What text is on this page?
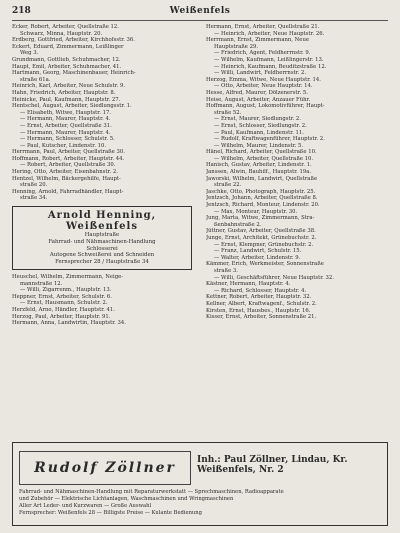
218	Weißenfels
Ecker, Robert, Arbeiter, Quellstraße 12.
Schwarz, Minna, Hauptstr. 20.
Erdberg, Gottfried, Arbeiter, Kirchhofsstr. 36.
Eckert, Eduard, Zimmermann, Leißlinger
Weg 3.
Grundmann, Gottlieb, Schuhmacher, 12.
Haupt, Emil, Arbeiter, Schuhmacher, 41.
Hartmann, Georg, Maschinenbauer, Heinrich-
straße 61a.
Heinrich, Karl, Arbeiter, Neue Schulstr. 9.
Hahn, Friedrich, Arbeiter, Hauptstr. 8.
Heinicke, Paul, Kaufmann, Hauptstr. 27.
Hentschel, August, Arbeiter, Siedlungsstr. 1.
— Elisabeth, Witwe, Hauptstr. 17.
— Hermann, Maurer, Hauptstr. 4.
— Ernst, Arbeiter, Quellstraße 31.
— Hermann, Maurer, Hauptstr. 4.
— Hermann, Schlosser, Schulstr. 5.
— Paul, Kutscher, Lindenstr. 10.
Herrmann, Paul, Arbeiter, Quellstraße 30.
Hoffmann, Robert, Arbeiter, Hauptstr. 44.
— Robert, Arbeiter, Quellstraße 30.
Hering, Otto, Arbeiter, Eisenbahnstr. 2.
Hentzel, Wilhelm, Bäckergehilfe, Haupt-
straße 20.
Henning, Arnold, Fahrradhändler, Haupt-
straße 34.
Arnold Henning, Weißenfels
Hauptstraße
Fahrrad- und Nähmaschinen-Handlung
Schlosserei
Autogene Schweißerei und Schneiden
Fernsprecher 28 / Hauptstraße 34
Heuschel, Wilhelm, Zimmermann, Neige-
mannstraße 12.
— Willi, Zigarrenm., Hauptstr. 13.
Heppner, Ernst, Arbeiter, Schulstr. 6.
— Ernst, Hausmann, Schulstr. 2.
Herzfeld, Arno, Händler, Hauptstr. 41.
Herzog, Paul, Arbeiter, Hauptstr. 91.
Hermann, Anna, Landwirtin, Hauptstr. 34.
Hermann, Ernst, Arbeiter, Quellstraße 21.
— Heinrich, Arbeiter, Neue Hauptstr. 26.
Herrmann, Ernst, Zimmermann, Neue
Hauptstraße 29.
— Friedrich, Agent, Feldherrnstr. 9.
— Wilhelm, Kaufmann, Leißlingerstr. 13.
— Heinrich, Kaufmann, Beuditzstraße 12.
— Willi, Landwirt, Feldherrnstr. 2.
Herzog, Emma, Witwe, Neue Hauptstr. 14.
— Otto, Arbeiter, Neue Hauptstr. 14.
Hesse, Alfred, Maurer, Dölzenerstr. 5.
Heise, August, Arbeiter, Anzauer Führ.
Hoffmann, August, Lokomotivführer, Haupt-
straße 52.
— Ernst, Maurer, Siedlungstr. 2.
— Ernst, Schlosser, Siedlungstr. 2.
— Paul, Kaufmann, Lindenstr. 11.
— Rudolf, Kraftwagenführer, Hauptstr. 2.
— Wilhelm, Maurer, Lindenstr. 5.
Hänel, Richard, Arbeiter, Quellstraße 10.
— Wilhelm, Arbeiter, Quellstraße 10.
Hanisch, Gustav, Arbeiter, Lindenstr. 1.
Janssen, Alwin, Bauhilf., Hauptstr. 19a.
Jaworski, Wilhelm, Landwirt, Quellstraße
straße 22.
Jaschke, Otto, Photograph, Hauptstr. 25.
Jentzsch, Johann, Arbeiter, Quellstraße 8.
Jentzsch, Richard, Monteur, Lindenstr. 20.
— Max, Monteur, Hauptstr. 30.
Jung, Marta, Witwe, Zimmermann, Stra-
ßenbahnstraße 2.
Jüttner, Gustav, Arbeiter, Quellstraße 38.
Junge, Ernst, Architekt, Grünebuchstr. 2.
— Ernst, Klempner, Grünebuchstr. 2.
— Franz, Landwirt, Schulstr. 15.
— Walter, Arbeiter, Lindenstr. 9.
Kämmer, Erich, Werkmeister, Sonnenstraße
straße 3.
— Willi, Geschäftsführer, Neue Hauptstr. 32.
Kästner, Hermann, Hauptstr. 4.
— Richard, Schlosser, Hauptstr. 4.
Kettner, Robert, Arbeiter, Hauptstr. 32.
Kellner, Albert, Kraftwagenf., Schulstr. 2.
Kirsten, Ernst, Hausbes., Hauptstr. 16.
Kisser, Ernst, Arbeiter, Sonnenstraße 21.
Rudolf Zöllner	Inh.: Paul Zöllner, Lindau, Kr. Weißenfels, Nr. 2
Fahrrad- und Nähmaschinen-Handlung mit Reparaturwerkstatt — Sprechmaschinen, Radioapparate
und Zubehör — Elektrische Lichtanlagen, Waschmaschinen und Wringmaschinen
Aller Art Leder- und Kurzwaren — Große Auswahl
Fernsprecher: Weißenfels 28 — Billigste Preise — Kulante Bedienung
